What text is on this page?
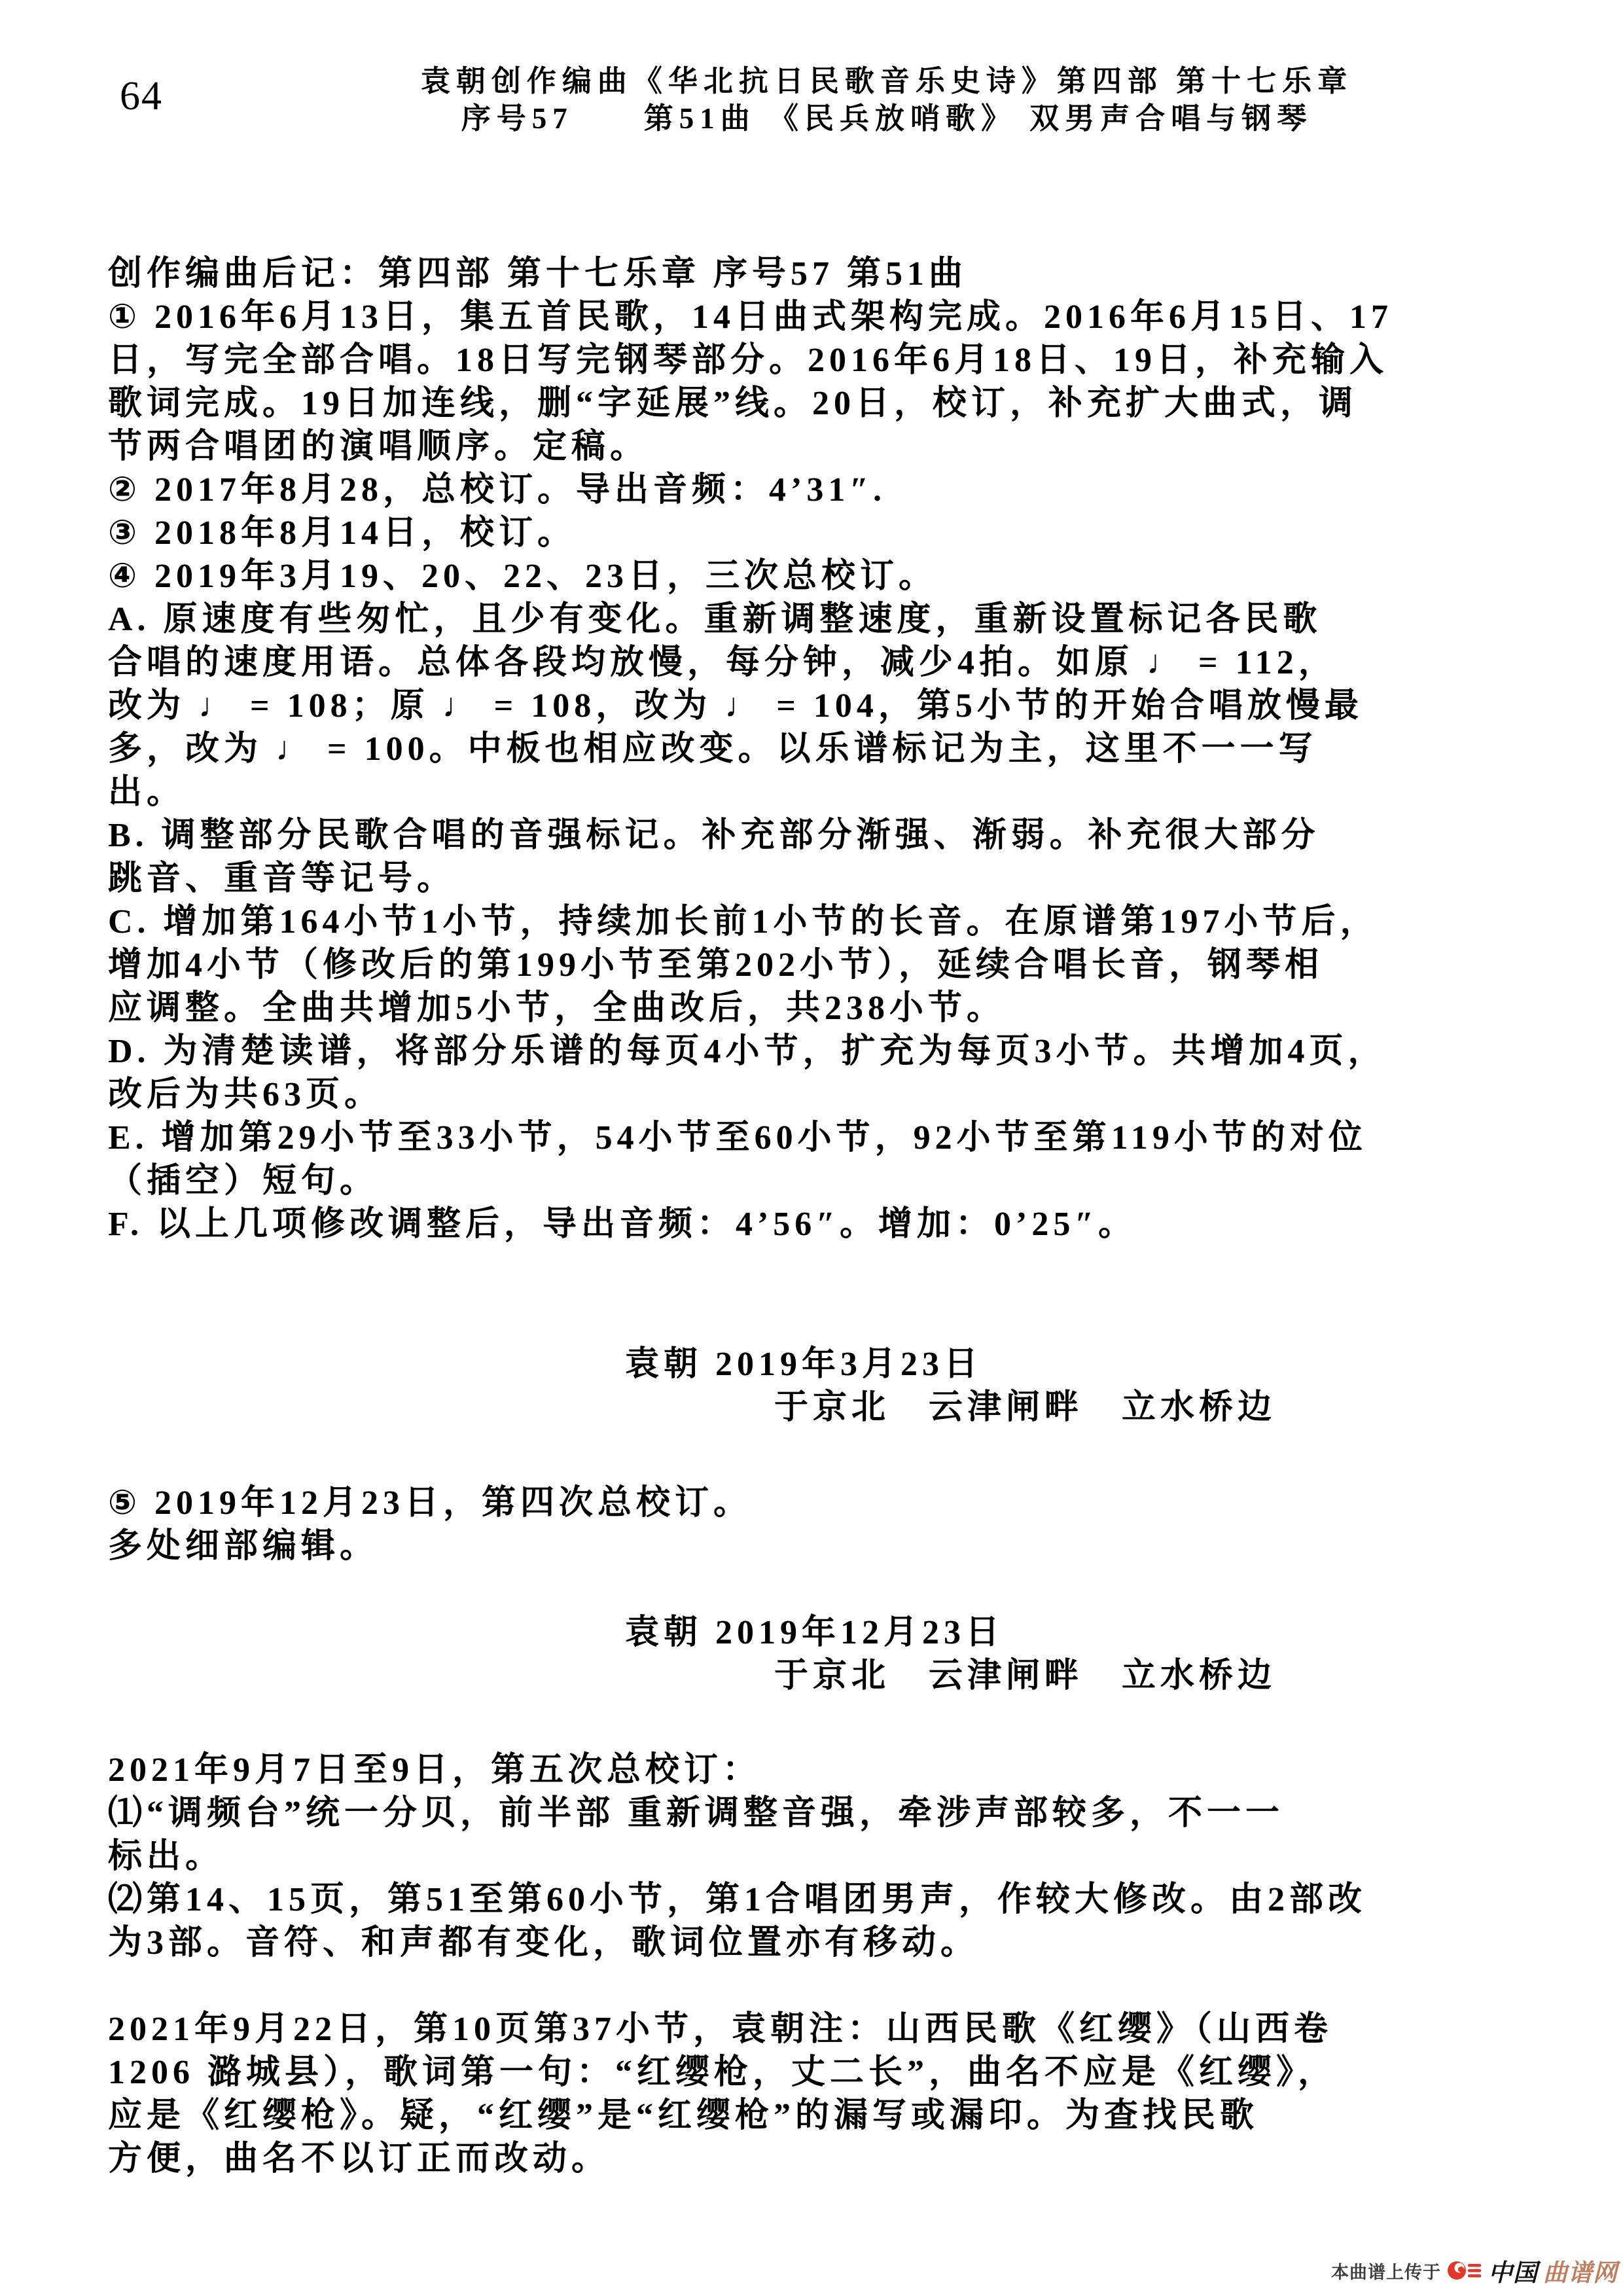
64	袁朝创作编曲《华北抗日民歌音乐史诗》第四部 第十七乐章
序号57　　第51曲 《民兵放哨歌》 双男声合唱与钢琴
创作编曲后记：第四部 第十七乐章 序号57 第51曲
① 2016年6月13日，集五首民歌，14日曲式架构完成。2016年6月15日、17
日，写完全部合唱。18日写完钢琴部分。2016年6月18日、19日，补充输入
歌词完成。19日加连线，删“字延展”线。20日，校订，补充扩大曲式，调
节两合唱团的演唱顺序。定稿。
② 2017年8月28，总校订。导出音频：4’31″.
③ 2018年8月14日，校订。
④ 2019年3月19、20、22、23日，三次总校订。
A. 原速度有些匆忙，且少有变化。重新调整速度，重新设置标记各民歌
合唱的速度用语。总体各段均放慢，每分钟，减少4拍。如原 ♩ = 112，
改为 ♩ = 108；原 ♩ = 108，改为 ♩ = 104，第5小节的开始合唱放慢最
多，改为 ♩ = 100。中板也相应改变。以乐谱标记为主，这里不一一写
出。
B. 调整部分民歌合唱的音强标记。补充部分渐强、渐弱。补充很大部分
跳音、重音等记号。
C. 增加第164小节1小节，持续加长前1小节的长音。在原谱第197小节后，
增加4小节（修改后的第199小节至第202小节），延续合唱长音，钢琴相
应调整。全曲共增加5小节，全曲改后，共238小节。
D. 为清楚读谱，将部分乐谱的每页4小节，扩充为每页3小节。共增加4页，
改后为共63页。
E. 增加第29小节至33小节，54小节至60小节，92小节至第119小节的对位
（插空）短句。
F. 以上几项修改调整后，导出音频：4’56″。增加：0’25″。
袁朝 2019年3月23日
于京北　云津闸畔　立水桥边
⑤ 2019年12月23日，第四次总校订。
多处细部编辑。
袁朝 2019年12月23日
于京北　云津闸畔　立水桥边
2021年9月7日至9日，第五次总校订：
⑴“调频台”统一分贝，前半部 重新调整音强，牵涉声部较多，不一一
标出。
⑵第14、15页，第51至第60小节，第1合唱团男声，作较大修改。由2部改
为3部。音符、和声都有变化，歌词位置亦有移动。
2021年9月22日，第10页第37小节，袁朝注：山西民歌《红缨》（山西卷
1206 潞城县），歌词第一句：“红缨枪，丈二长”，曲名不应是《红缨》，
应是《红缨枪》。疑，“红缨”是“红缨枪”的漏写或漏印。为查找民歌
方便，曲名不以订正而改动。
本曲谱上传于 中国 曲谱网
